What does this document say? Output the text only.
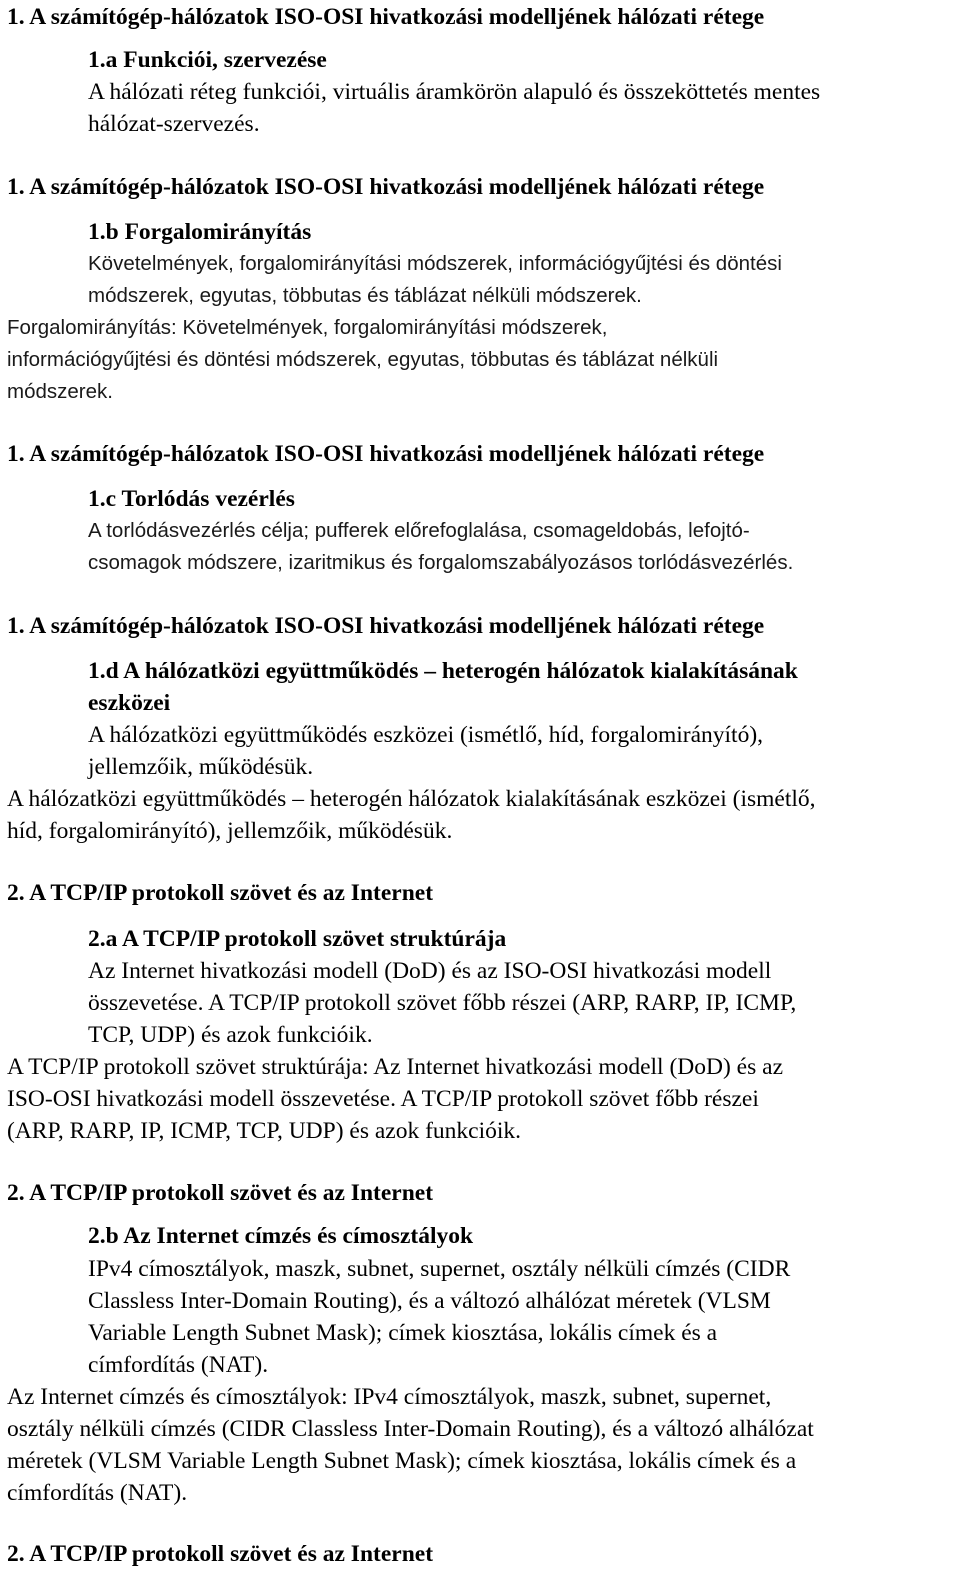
1. A számítógép-hálózatok ISO-OSI hivatkozási modelljének hálózati rétege
1.a Funkciói, szervezése
A hálózati réteg funkciói, virtuális áramkörön alapuló és összeköttetés mentes
hálózat-szervezés.
1. A számítógép-hálózatok ISO-OSI hivatkozási modelljének hálózati rétege
1.b Forgalomirányítás
Követelmények, forgalomirányítási módszerek, információgyűjtési és döntési
módszerek, egyutas, többutas és táblázat nélküli módszerek.
Forgalomirányítás: Követelmények, forgalomirányítási módszerek,
információgyűjtési és döntési módszerek, egyutas, többutas és táblázat nélküli
módszerek.
1. A számítógép-hálózatok ISO-OSI hivatkozási modelljének hálózati rétege
1.c Torlódás vezérlés
A torlódásvezérlés célja; pufferek előrefoglalása, csomageldobás, lefojtó-
csomagok módszere, izaritmikus és forgalomszabályozásos torlódásvezérlés.
1. A számítógép-hálózatok ISO-OSI hivatkozási modelljének hálózati rétege
1.d A hálózatközi együttműködés – heterogén hálózatok kialakításának
eszközei
A hálózatközi együttműködés eszközei (ismétlő, híd, forgalomirányító),
jellemzőik, működésük.
A hálózatközi együttműködés – heterogén hálózatok kialakításának eszközei (ismétlő,
híd, forgalomirányító), jellemzőik, működésük.
2. A TCP/IP protokoll szövet és az Internet
2.a A TCP/IP protokoll szövet struktúrája
Az Internet hivatkozási modell (DoD) és az ISO-OSI hivatkozási modell
összevetése. A TCP/IP protokoll szövet főbb részei (ARP, RARP, IP, ICMP,
TCP, UDP) és azok funkcióik.
A TCP/IP protokoll szövet struktúrája: Az Internet hivatkozási modell (DoD) és az
ISO-OSI hivatkozási modell összevetése. A TCP/IP protokoll szövet főbb részei
(ARP, RARP, IP, ICMP, TCP, UDP) és azok funkcióik.
2. A TCP/IP protokoll szövet és az Internet
2.b Az Internet címzés és címosztályok
IPv4 címosztályok, maszk, subnet, supernet, osztály nélküli címzés (CIDR
Classless Inter-Domain Routing), és a változó alhálózat méretek (VLSM
Variable Length Subnet Mask); címek kiosztása, lokális címek és a
címfordítás (NAT).
Az Internet címzés és címosztályok: IPv4 címosztályok, maszk, subnet, supernet,
osztály nélküli címzés (CIDR Classless Inter-Domain Routing), és a változó alhálózat
méretek (VLSM Variable Length Subnet Mask); címek kiosztása, lokális címek és a
címfordítás (NAT).
2. A TCP/IP protokoll szövet és az Internet
